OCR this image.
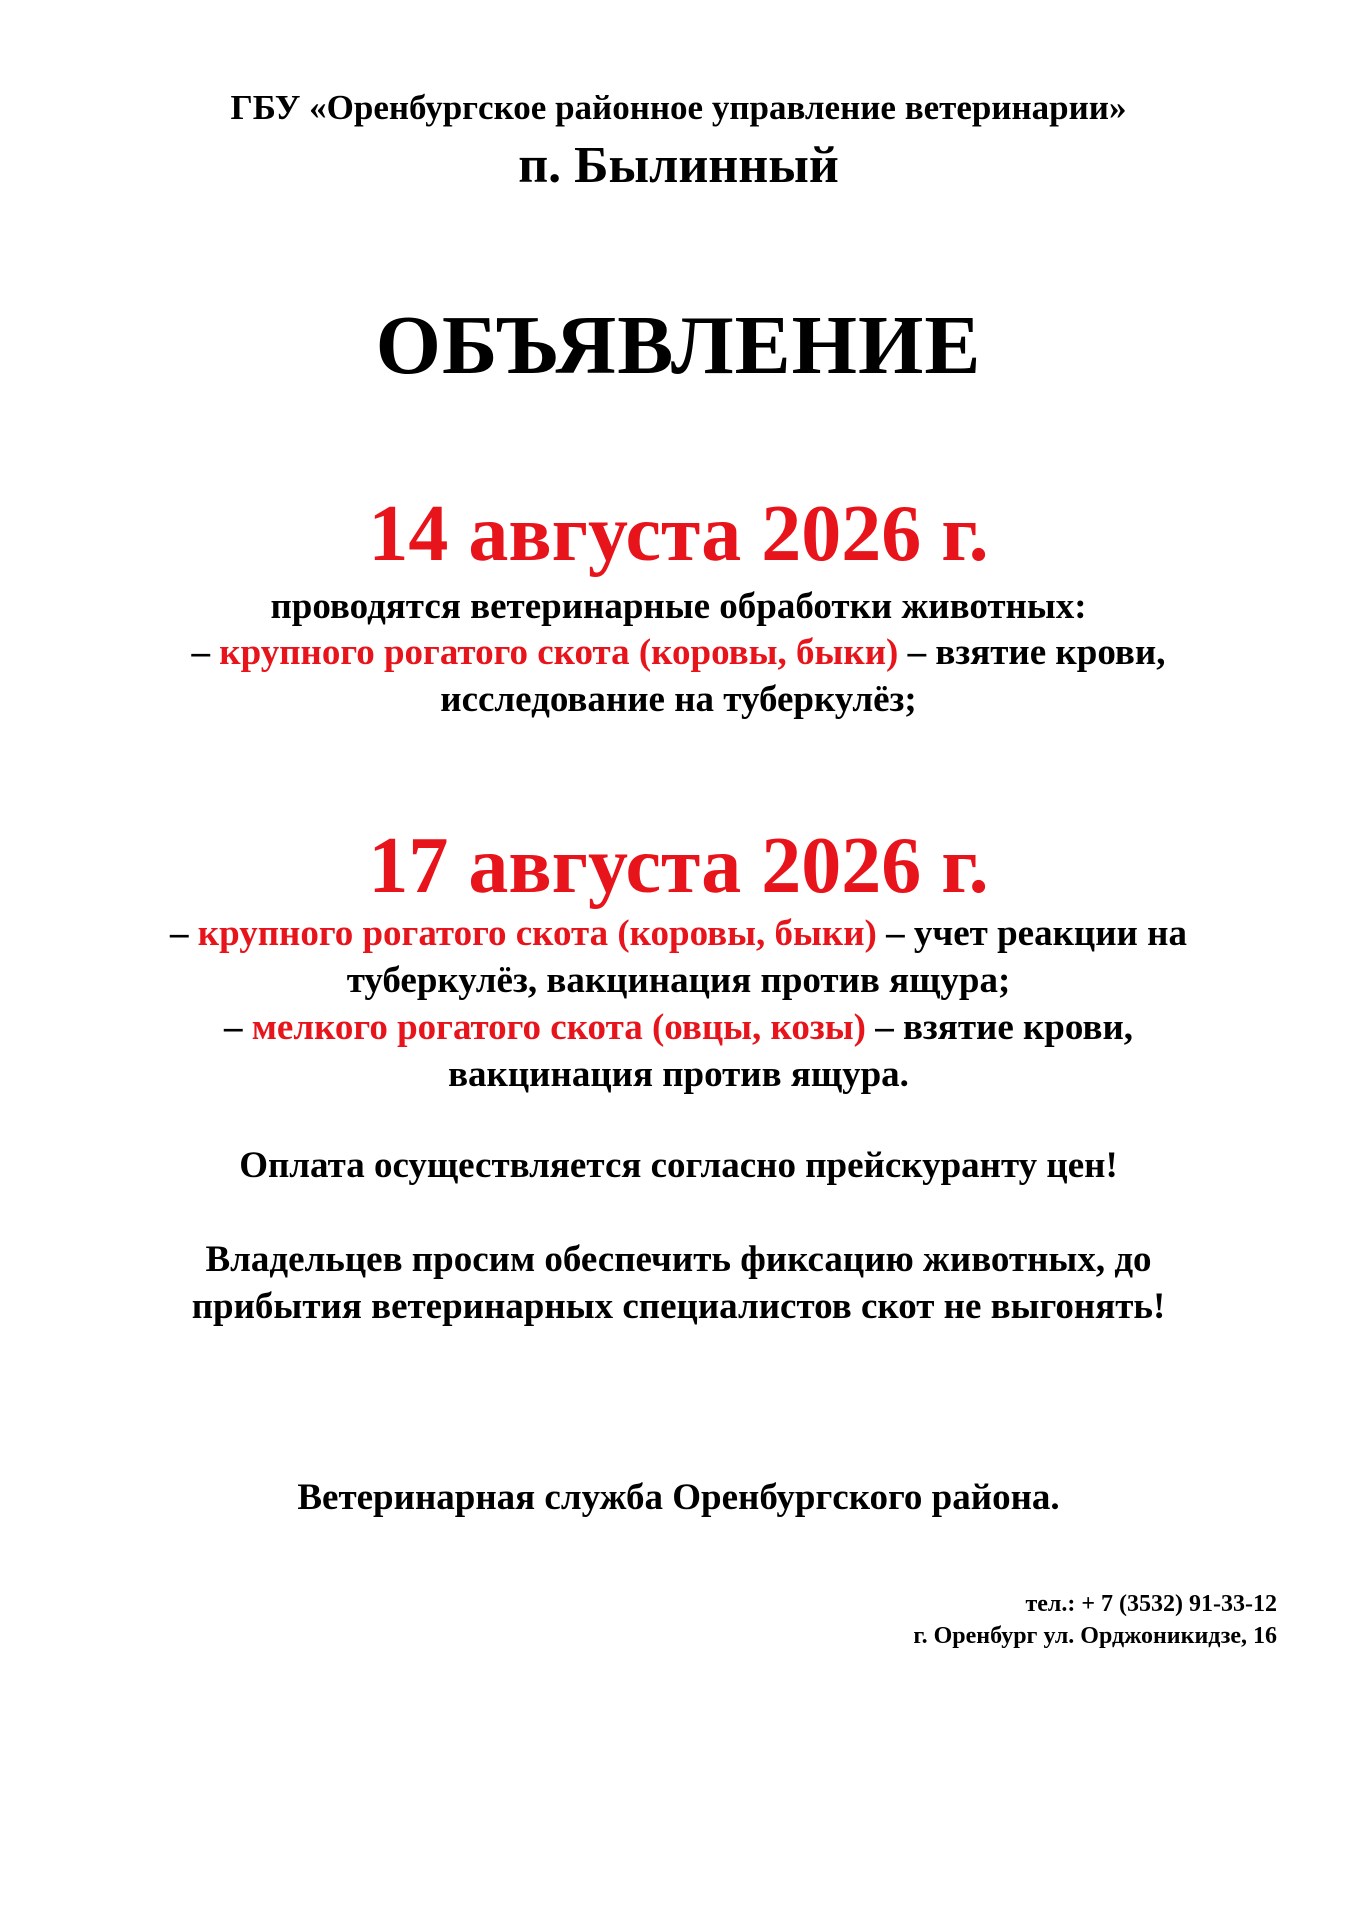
ГБУ «Оренбургское районное управление ветеринарии»

п. Былинный

ОБЪЯВЛЕНИЕ

14 августа 2026 г.

проводятся ветеринарные обработки животных:

– крупного рогатого скота (коровы, быки) – взятие крови,

исследование на туберкулёз;

17 августа 2026 г.

– крупного рогатого скота (коровы, быки) – учет реакции на

туберкулёз, вакцинация против ящура;

– мелкого рогатого скота (овцы, козы) – взятие крови,

вакцинация против ящура.

Оплата осуществляется согласно прейскуранту цен!

Владельцев просим обеспечить фиксацию животных, до

прибытия ветеринарных специалистов скот не выгонять!

Ветеринарная служба Оренбургского района.

тел.: + 7 (3532) 91-33-12

г. Оренбург ул. Орджоникидзе, 16
